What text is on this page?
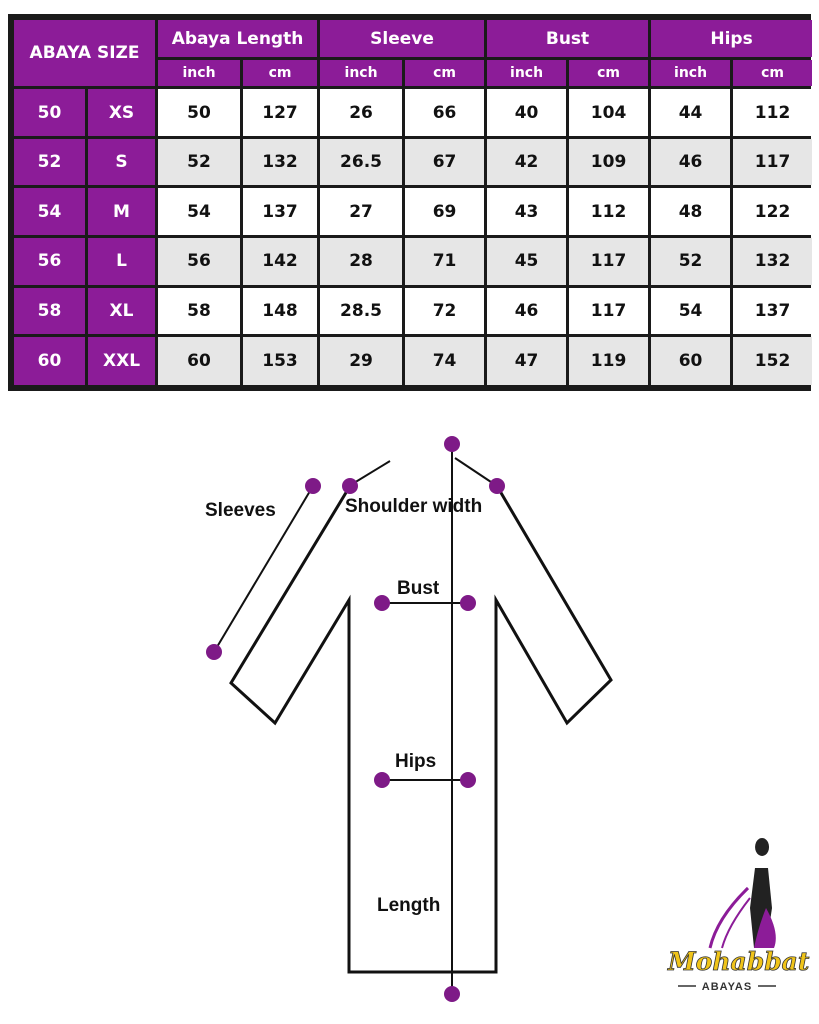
ABAYA SIZE		Abaya Length		Sleeve		Bust		Hips	
		inch	cm	inch	cm	inch	cm	inch	cm
50	XS	50	127	26	66	40	104	44	112
52	S	52	132	26.5	67	42	109	46	117
54	M	54	137	27	69	43	112	48	122
56	L	56	142	28	71	45	117	52	132
58	XL	58	148	28.5	72	46	117	54	137
60	XXL	60	153	29	74	47	119	60	152
Sleeves	Shoulder width
Bust
Hips
Length
Mohabbat
ABAYAS
